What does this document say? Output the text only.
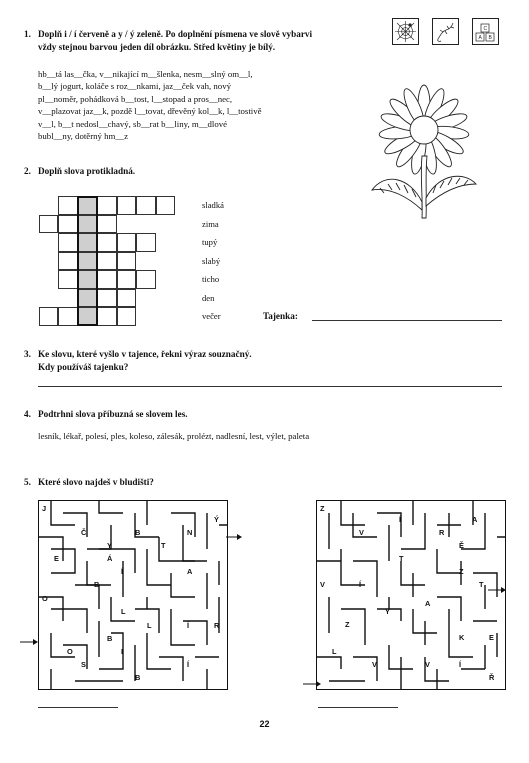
1. Doplň i / í červeně a y / ý zeleně. Po doplnění písmena ve slově vybarvi
vždy stejnou barvou jeden díl obrázku. Střed květiny je bílý.
A B
C
hb__tá las__čka, v__nikající m__šlenka, nesm__slný om__l,
b__lý jogurt, koláče s roz__nkami, jaz__ček vah, nový
pl__noměr, pohádková b__tost, l__stopad a pros__nec,
v__plazovat jaz__k, pozdě l__tovat, dřevěný kol__k, l__tostivě
v__l, b__t nedosl__chavý, sb__rat b__liny, m__dlové
bubl__ny, dotěrný hm__z
2. Doplň slova protikladná.
sladká
zima
tupý
slabý
ticho
den
večer	Tajenka:
3. Ke slovu, které vyšlo v tajence, řekni výraz souznačný.
Kdy používáš tajenku?
4. Podtrhni slova příbuzná se slovem les.
lesník, lékař, polesí, ples, koleso, zálesák, prolézt, nadlesní, lest, výlet, paleta
5. Které slovo najdeš v bludišti?
J
Ý
Č	B	N
Y	T
E	Á
Í	A
B
O
L
L	Í	R
B
I
O
S	Í
B
Z
Í	A
V	R
Ě
T
Z
V	Í	T
A
Y
Z
K	E
L
V	V	Í
Ř
22
